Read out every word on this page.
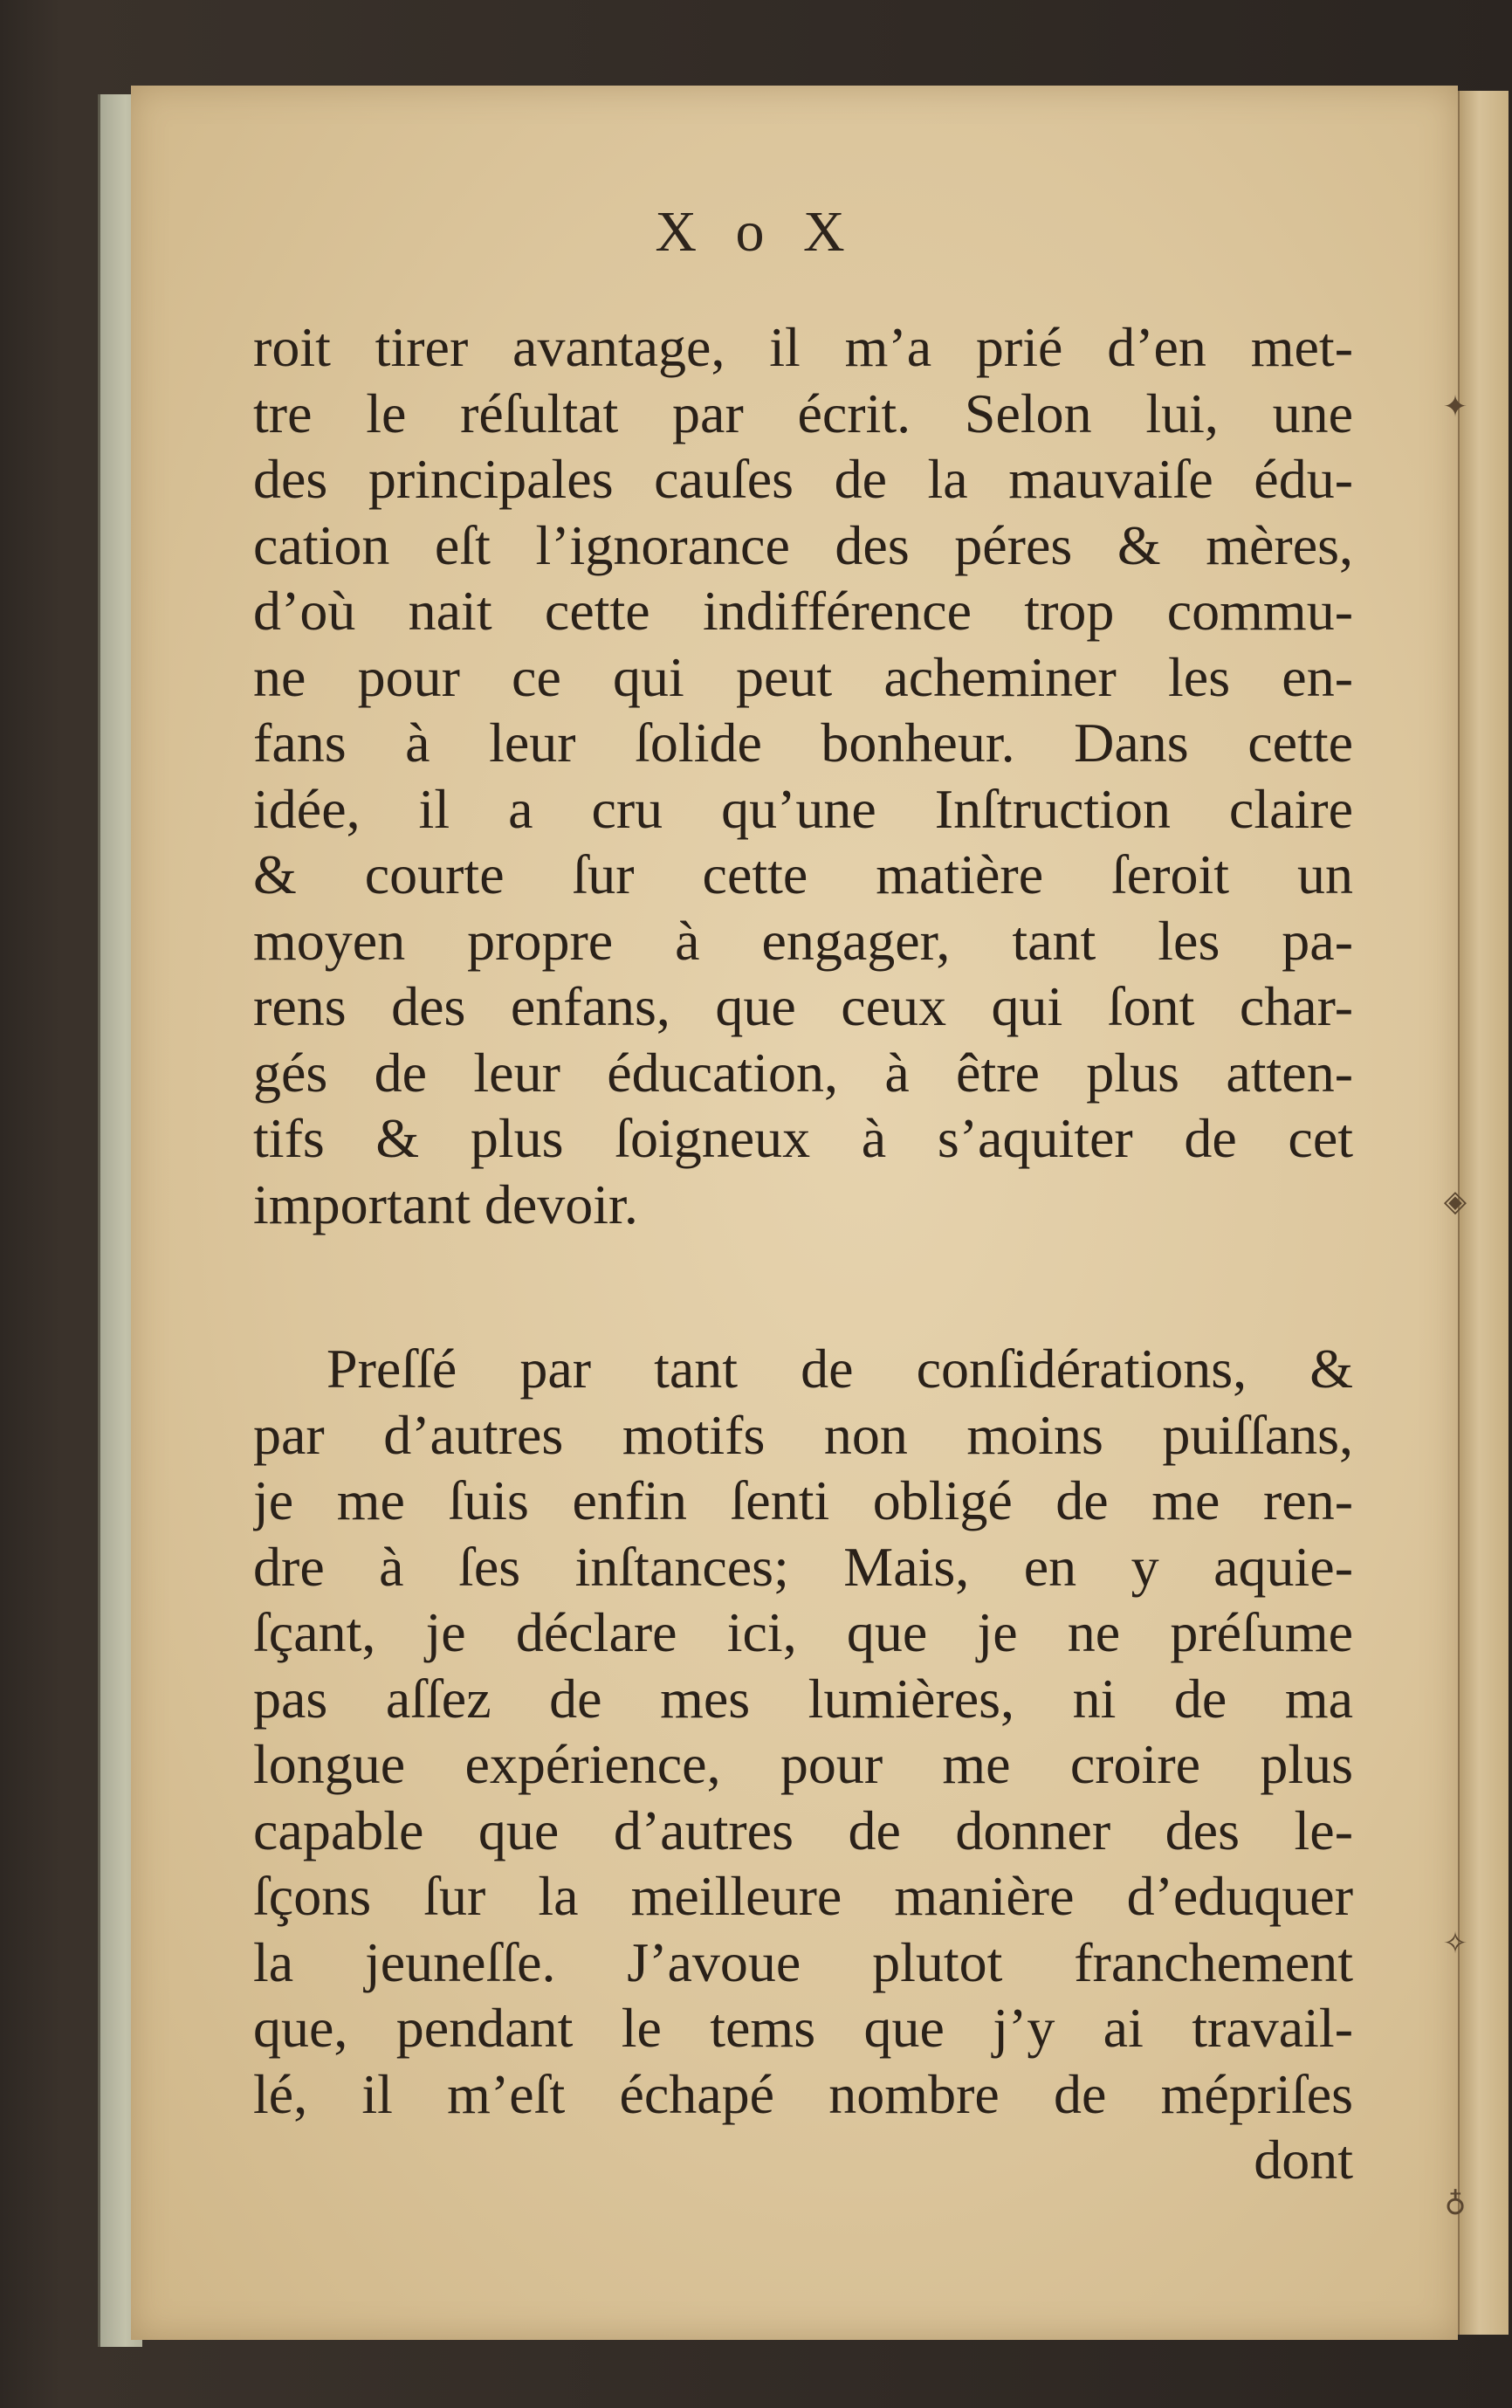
✦
◈
✧
♁
X o X
roit tirer avantage, il m’a prié d’en met-
tre le réſultat par écrit. Selon lui, une
des principales cauſes de la mauvaiſe édu-
cation eſt l’ignorance des péres & mères,
d’où nait cette indifférence trop commu-
ne pour ce qui peut acheminer les en-
fans à leur ſolide bonheur. Dans cette
idée, il a cru qu’une Inſtruction claire
& courte ſur cette matière ſeroit un
moyen propre à engager, tant les pa-
rens des enfans, que ceux qui ſont char-
gés de leur éducation, à être plus atten-
tifs & plus ſoigneux à s’aquiter de cet
important devoir.
Preſſé par tant de conſidérations, &
par d’autres motifs non moins puiſſans,
je me ſuis enfin ſenti obligé de me ren-
dre à ſes inſtances; Mais, en y aquie-
ſçant, je déclare ici, que je ne préſume
pas aſſez de mes lumières, ni de ma
longue expérience, pour me croire plus
capable que d’autres de donner des le-
ſçons ſur la meilleure manière d’eduquer
la jeuneſſe. J’avoue plutot franchement
que, pendant le tems que j’y ai travail-
lé, il m’eſt échapé nombre de mépriſes
dont
